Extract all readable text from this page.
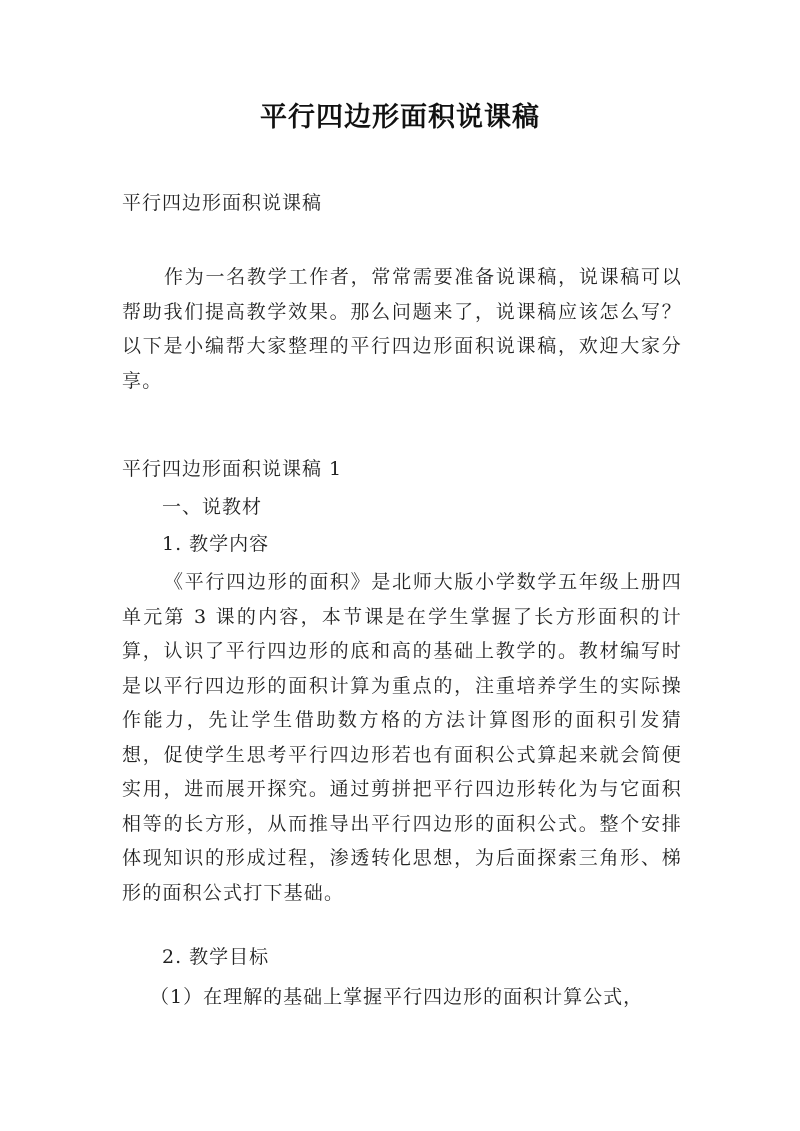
平行四边形面积说课稿
平行四边形面积说课稿

作为一名教学工作者，常常需要准备说课稿，说课稿可以帮助我们提高教学效果。那么问题来了，说课稿应该怎么写？以下是小编帮大家整理的平行四边形面积说课稿，欢迎大家分享。

平行四边形面积说课稿 1
一、说教材
1. 教学内容

《平行四边形的面积》是北师大版小学数学五年级上册四单元第 3 课的内容，本节课是在学生掌握了长方形面积的计算，认识了平行四边形的底和高的基础上教学的。教材编写时是以平行四边形的面积计算为重点的，注重培养学生的实际操作能力，先让学生借助数方格的方法计算图形的面积引发猜想，促使学生思考平行四边形若也有面积公式算起来就会简便实用，进而展开探究。通过剪拼把平行四边形转化为与它面积相等的长方形，从而推导出平行四边形的面积公式。整个安排体现知识的形成过程，渗透转化思想，为后面探索三角形、梯形的面积公式打下基础。

2. 教学目标
（1）在理解的基础上掌握平行四边形的面积计算公式，
